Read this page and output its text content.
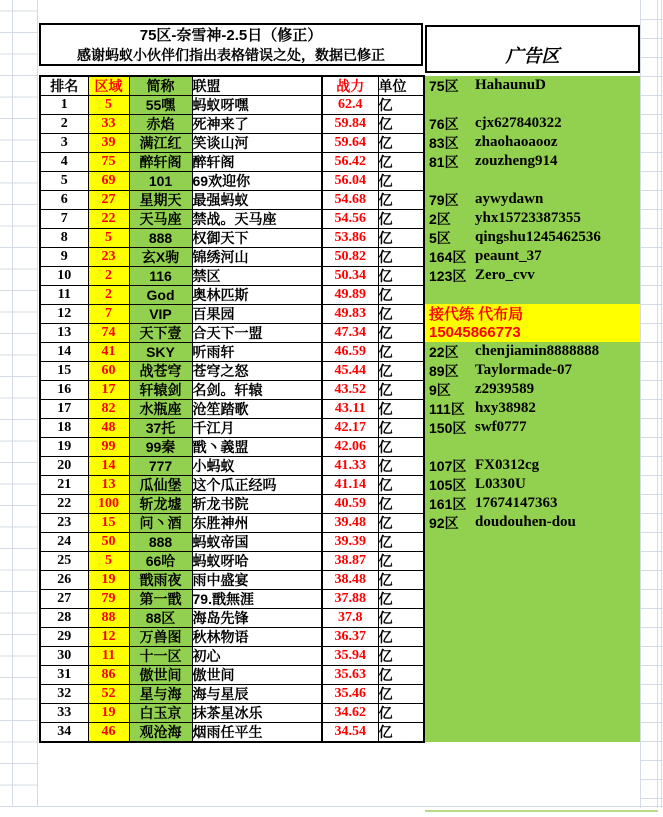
75区-奈雪神-2.5日（修正）
感谢蚂蚁小伙伴们指出表格错误之处，数据已修正
排名	区域	简称	联盟	战力	单位
1	5	55嘿	蚂蚁呀嘿	62.4	亿
2	33	赤焰	死神来了	59.84	亿
3	39	满江红	笑谈山河	59.64	亿
4	75	醉轩阁	醉轩阁	56.42	亿
5	69	101	69欢迎你	56.04	亿
6	27	星期天	最强蚂蚁	54.68	亿
7	22	天马座	禁战。天马座	54.56	亿
8	5	888	权御天下	53.86	亿
9	23	玄X驹	锦绣河山	50.82	亿
10	2	116	禁区	50.34	亿
11	2	God	奥林匹斯	49.89	亿
12	7	VIP	百果园	49.83	亿
13	74	天下壹	合天下一盟	47.34	亿
14	41	SKY	听雨轩	46.59	亿
15	60	战苍穹	苍穹之怒	45.44	亿
16	17	轩辕剑	名剑。轩辕	43.52	亿
17	82	水瓶座	沧笙踏歌	43.11	亿
18	48	37托	千江月	42.17	亿
19	99	99秦	戬丶義盟	42.06	亿
20	14	777	小蚂蚁	41.33	亿
21	13	瓜仙堡	这个瓜正经吗	41.14	亿
22	100	斩龙墟	斩龙书院	40.59	亿
23	15	问丶酒	东胜神州	39.48	亿
24	50	888	蚂蚁帝国	39.39	亿
25	5	66哈	蚂蚁呀哈	38.87	亿
26	19	戬雨夜	雨中盛宴	38.48	亿
27	79	第一戬	79.戬無涯	37.88	亿
28	88	88区	海岛先锋	37.8	亿
29	12	万兽图	秋林物语	36.37	亿
30	11	十一区	初心	35.94	亿
31	86	傲世间	傲世间	35.63	亿
32	52	星与海	海与星辰	35.46	亿
33	19	白玉京	抹茶星冰乐	34.62	亿
34	46	观沧海	烟雨任平生	34.54	亿
广告区
75区	HahaunuD
76区	cjx627840322
83区	zhaohaoaooz
81区	zouzheng914
79区	aywydawn
2区	yhx15723387355
5区	qingshu1245462536
164区 peaunt_37
123区 Zero_cvv
接代练 代布局
15045866773
22区	chenjiamin8888888
89区	Taylormade-07
9区	z2939589
111区 hxy38982
150区 swf0777
107区 FX0312cg
105区 L0330U
161区 17674147363
92区	doudouhen-dou
